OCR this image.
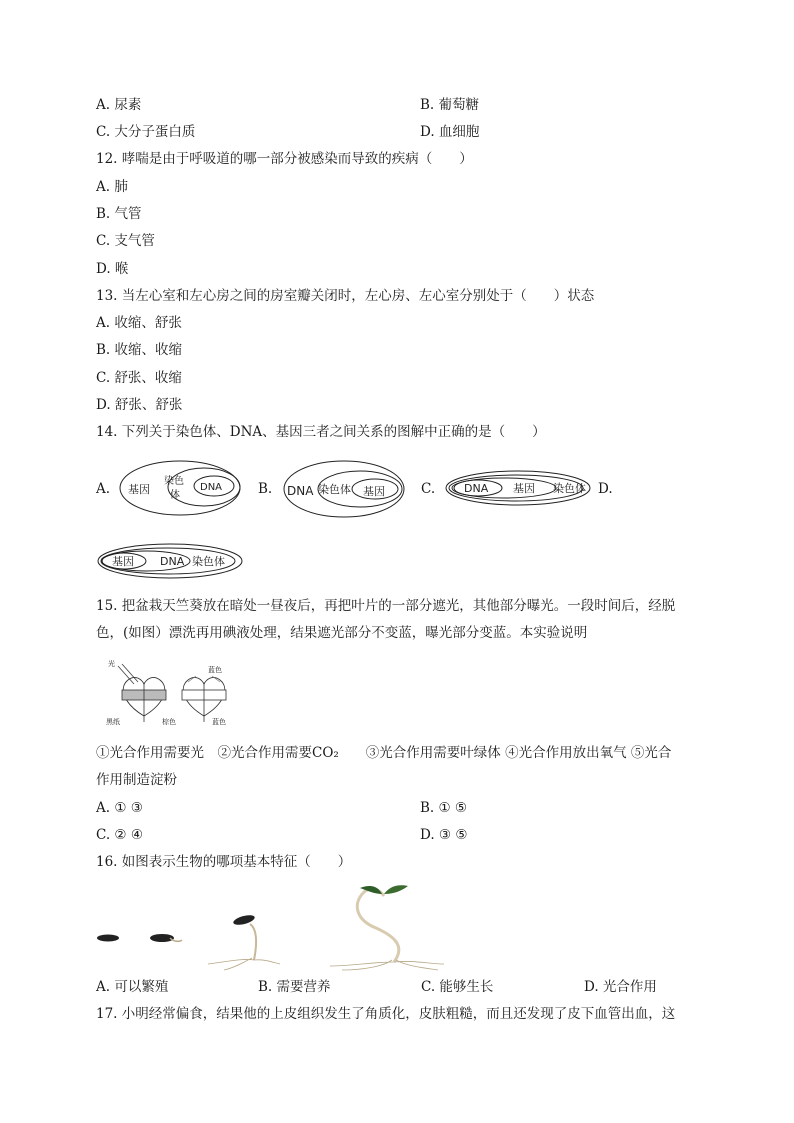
A. 尿素	B. 葡萄糖
C. 大分子蛋白质	D. 血细胞
12. 哮喘是由于呼吸道的哪一部分被感染而导致的疾病（　　）
A. 肺
B. 气管
C. 支气管
D. 喉
13. 当左心室和左心房之间的房室瓣关闭时，左心房、左心室分别处于（　　）状态
A. 收缩、舒张
B. 收缩、收缩
C. 舒张、收缩
D. 舒张、舒张
14. 下列关于染色体、DNA、基因三者之间关系的图解中正确的是（　　）
A.	B.	C.	D.
基因
染色
体
DNA	DNA 染色体 基因	DNA 基因 染色体
基因 DNA 染色体
15. 把盆栽天竺葵放在暗处一昼夜后，再把叶片的一部分遮光，其他部分曝光。一段时间后，经脱
色，(如图）漂洗再用碘液处理，结果遮光部分不变蓝，曝光部分变蓝。本实验说明
光
蓝色
黑纸	棕色	蓝色
①光合作用需要光　②光合作用需要CO₂　　③光合作用需要叶绿体 ④光合作用放出氧气 ⑤光合
作用制造淀粉
A. ① ③	B. ① ⑤
C. ② ④	D. ③ ⑤
16. 如图表示生物的哪项基本特征（　　）
A. 可以繁殖	B. 需要营养	C. 能够生长	D. 光合作用
17. 小明经常偏食，结果他的上皮组织发生了角质化，皮肤粗糙，而且还发现了皮下血管出血，这
